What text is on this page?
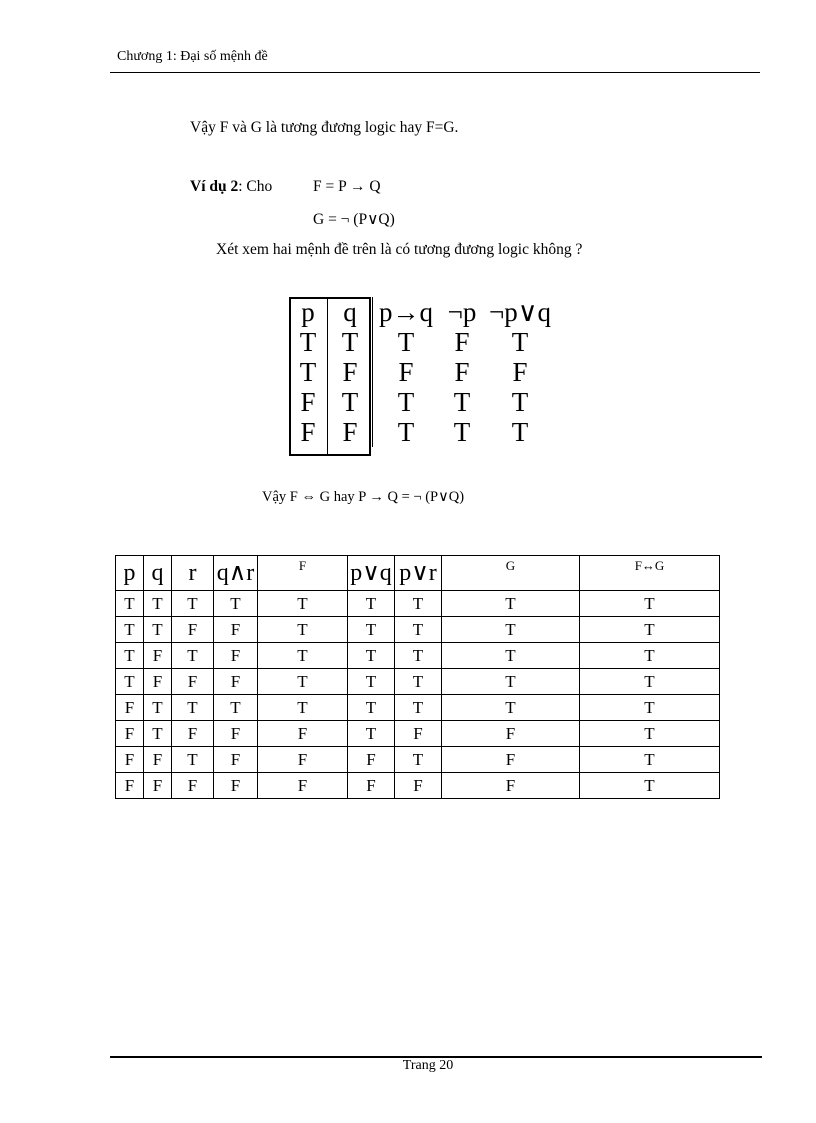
Chương 1: Đại số mệnh đề
Vậy F và G là tương đương logic hay F=G.
Ví dụ 2: Cho	F = P → Q
G = ¬ (P∨Q)
Xét xem hai mệnh đề trên là có tương đương logic không ?
p	q	p→q	¬p	¬p∨q
T	T	T	F	T
T	F	F	F	F
F	T	T	T	T
F	F	T	T	T
Vậy F ⇔ G hay P → Q = ¬ (P∨Q)
p	q	r	q∧r	F	p∨q	p∨r	G	F↔G
T	T	T	T	T	T	T	T	T
T	T	F	F	T	T	T	T	T
T	F	T	F	T	T	T	T	T
T	F	F	F	T	T	T	T	T
F	T	T	T	T	T	T	T	T
F	T	F	F	F	T	F	F	T
F	F	T	F	F	F	T	F	T
F	F	F	F	F	F	F	F	T
Trang 20
